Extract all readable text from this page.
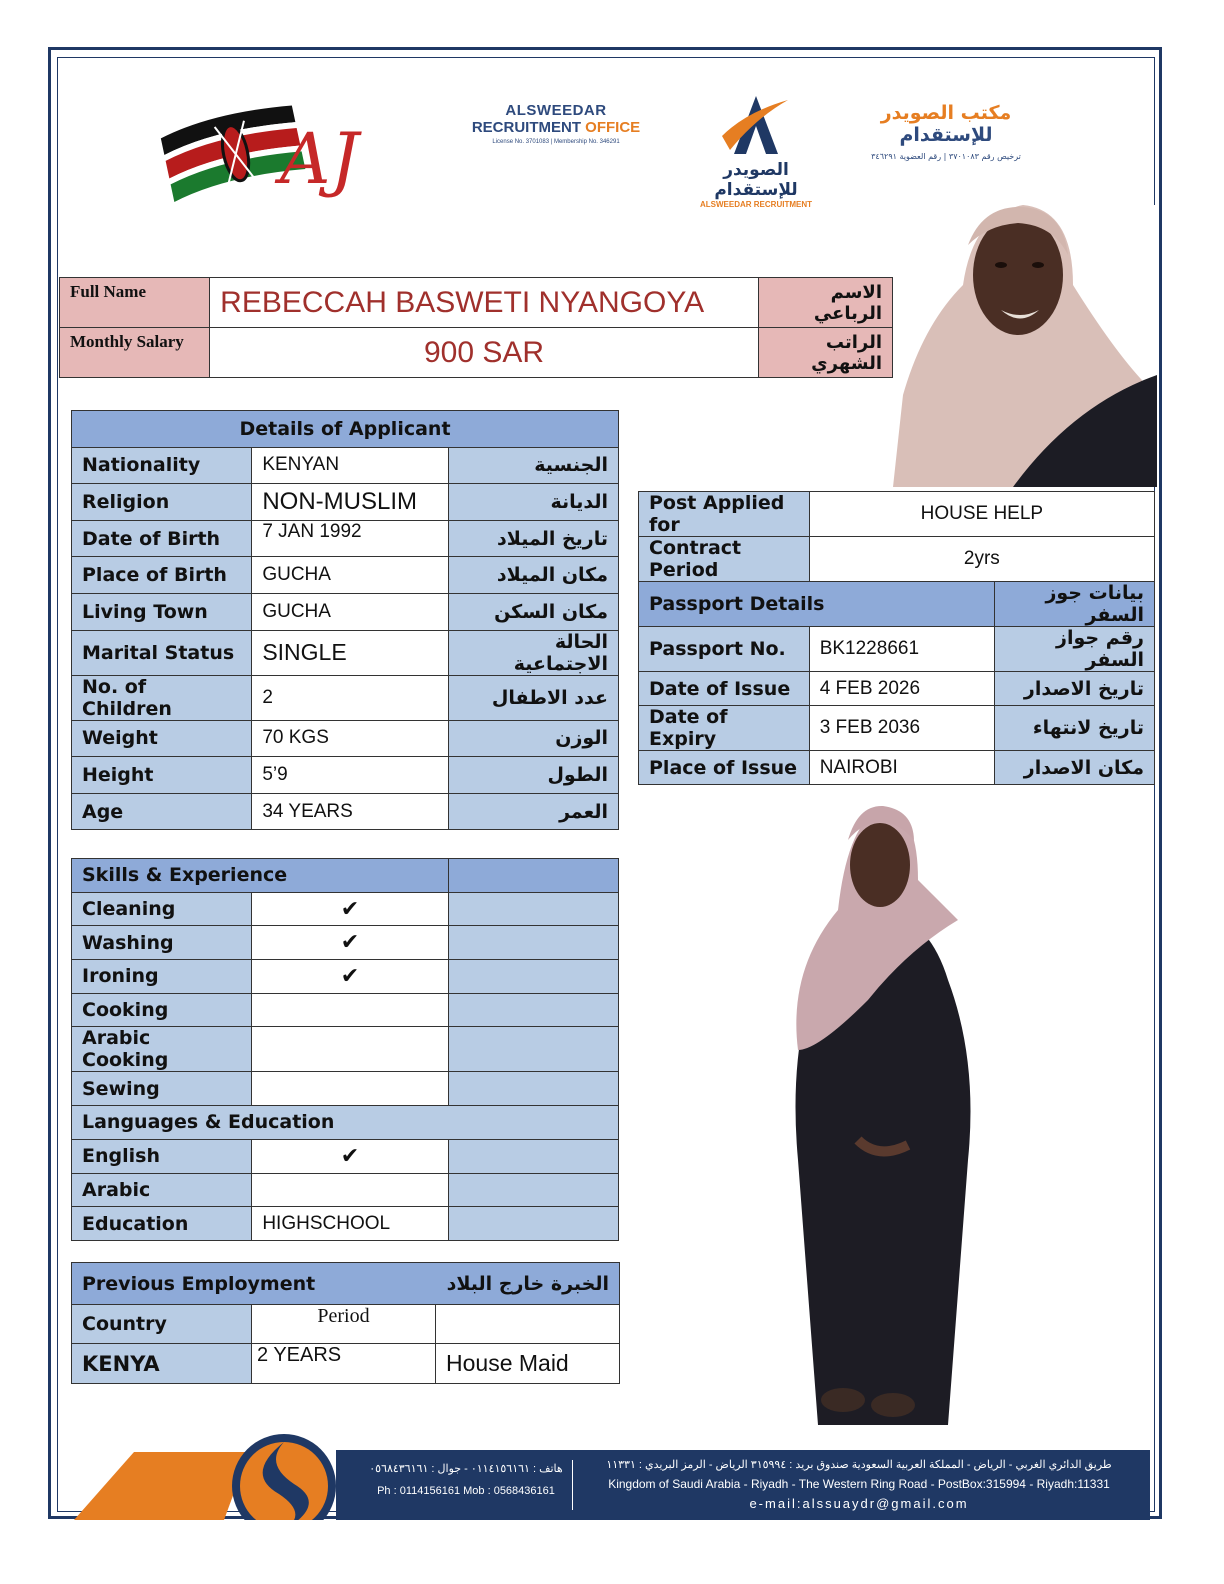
AJ
ALSWEEDAR
RECRUITMENT OFFICE
License No. 3701083 | Membership No. 346291
الصويدر للإستقدام
ALSWEEDAR RECRUITMENT
مكتب الصويدر للإستقدام
ترخيص رقم ٣٧٠١٠٨٣ | رقم العضوية ٣٤٦٢٩١
Full Name	REBECCAH BASWETI NYANGOYA	الاسم الرباعي
Monthly Salary	900 SAR	الراتب الشهري
Details of Applicant		
Nationality	KENYAN	الجنسية
Religion	NON-MUSLIM	الديانة
Date of Birth	7 JAN 1992	تاريخ الميلاد
Place of Birth	GUCHA	مكان الميلاد
Living Town	GUCHA	مكان السكن
Marital Status	SINGLE	الحالة الاجتماعية
No. of Children	2	عدد الاطفال
Weight	70 KGS	الوزن
Height	5’9	الطول
Age	34 YEARS	العمر
Post Applied for	HOUSE HELP	
Contract Period	2yrs	
Passport Details		بيانات جوز السفر
Passport No.	BK1228661	رقم جواز السفر
Date of Issue	4 FEB 2026	تاريخ الاصدار
Date of Expiry	3 FEB 2036	تاريخ لانتهاء
Place of Issue	NAIROBI	مكان الاصدار
Skills & Experience		
Cleaning	✔	
Washing	✔	
Ironing	✔	
Cooking		
Arabic Cooking		
Sewing		
Languages & Education		
English	✔	
Arabic		
Education	HIGHSCHOOL	
Previous Employment الخبرة خارج البلاد		

Country	Period	
KENYA	2 YEARS	House Maid
هاتف : ٠١١٤١٥٦١٦١ - جوال : ٠٥٦٨٤٣٦١٦١
Ph : 0114156161 Mob : 0568436161
طريق الدائري الغربي - الرياض - المملكة العربية السعودية صندوق بريد : ٣١٥٩٩٤ الرياض - الرمز البريدي : ١١٣٣١
Kingdom of Saudi Arabia - Riyadh - The Western Ring Road - PostBox:315994 - Riyadh:11331
e-mail:alssuaydr@gmail.com
